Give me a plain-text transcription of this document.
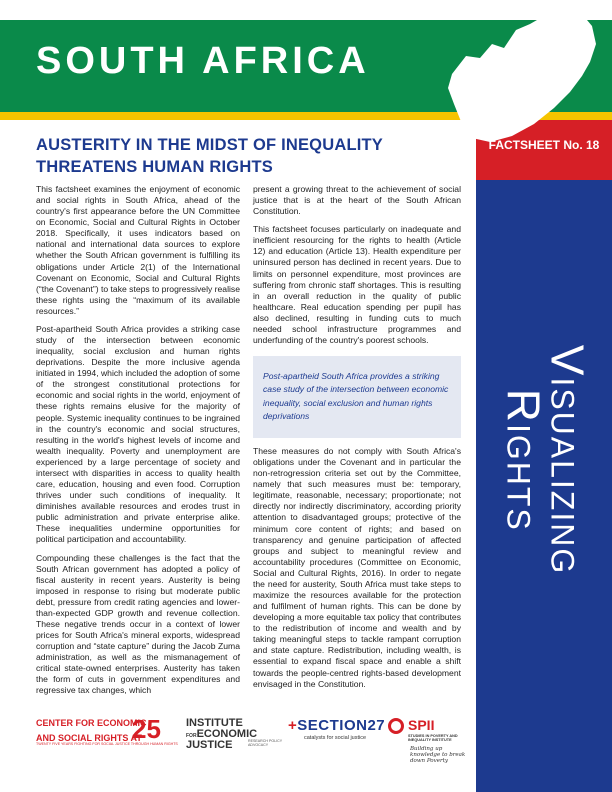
SOUTH AFRICA
FACTSHEET No. 18
Visualizing
Rights
AUSTERITY IN THE MIDST OF INEQUALITY
THREATENS HUMAN RIGHTS

This factsheet examines the enjoyment of economic and social rights in South Africa, ahead of the country's first appearance before the UN Committee on Economic, Social and Cultural Rights in October 2018. Specifically, it uses indicators based on national and international data sources to explore whether the South African government is fulfilling its obligations under Article 2(1) of the International Covenant on Economic, Social and Cultural Rights (“the Covenant”) to take steps to progressively realise these rights using the “maximum of its available resources.”

Post-apartheid South Africa provides a striking case study of the intersection between economic inequality, social exclusion and human rights deprivations. Despite the more inclusive agenda initiated in 1994, which included the adoption of some of the strongest constitutional protections for economic and social rights in the world, enjoyment of these rights remains elusive for the majority of people. Systemic inequality continues to be ingrained in the country's economic and social structures, resulting in the world's highest levels of income and wealth inequality. Poverty and unemployment are experienced by a large percentage of society and intersect with disparities in access to quality health care, education, housing and even food. Corruption thrives under such conditions of inequality. It diminishes available resources and erodes trust in public administration and private enterprise alike. These inequalities undermine opportunities for political participation and accountability.

Compounding these challenges is the fact that the South African government has adopted a policy of fiscal austerity in recent years. Austerity is being imposed in response to rising but moderate public debt, pressure from credit rating agencies and lower-than-expected GDP growth and revenue collection. These negative trends occur in a context of lower prices for South Africa's mineral exports, widespread corruption and “state capture” during the Jacob Zuma administration, as well as the mismanagement of critical state-owned enterprises. Austerity has taken the form of cuts in government expenditures and regressive tax changes, which

present a growing threat to the achievement of social justice that is at the heart of the South African Constitution.

This factsheet focuses particularly on inadequate and inefficient resourcing for the rights to health (Article 12) and education (Article 13). Health expenditure per uninsured person has declined in recent years. Due to limits on personnel expenditure, most provinces are suffering from chronic staff shortages. This is resulting in an overall reduction in the quality of public healthcare. Real education spending per pupil has also declined, resulting in funding cuts to much needed school infrastructure programmes and underfunding of the country's poorest schools.

Post-apartheid South Africa provides a striking case study of the intersection between economic inequality, social exclusion and human rights deprivations

These measures do not comply with South Africa's obligations under the Covenant and in particular the non-retrogression criteria set out by the Committee, namely that such measures must be: temporary, legitimate, reasonable, necessary; proportionate; not directly nor indirectly discriminatory, according priority attention to disadvantaged groups; protective of the minimum core content of rights; and based on transparency and genuine participation of affected groups and subject to meaningful review and accountability procedures (Committee on Economic, Social and Cultural Rights, 2016). In order to negate the need for austerity, South Africa must take steps to maximize the resources available for the protection and fulfilment of human rights. This can be done by developing a more equitable tax policy that contributes to the redistribution of income and wealth and by taking meaningful steps to tackle rampant corruption and state capture. Redistribution, including wealth, is essential to expand fiscal space and enable a shift towards the people-centred rights-based development envisaged in the Constitution.

CENTER FOR ECONOMIC
AND SOCIAL RIGHTS AT
25
TWENTY FIVE YEARS FIGHTING FOR SOCIAL JUSTICE THROUGH HUMAN RIGHTS
INSTITUTE
FORECONOMIC
JUSTICE	RESEARCH POLICY ADVOCACY
+SECTION27
catalysts for social justice
SPII
STUDIES IN POVERTY AND INEQUALITY INSTITUTE
Building up knowledge to break down Poverty
